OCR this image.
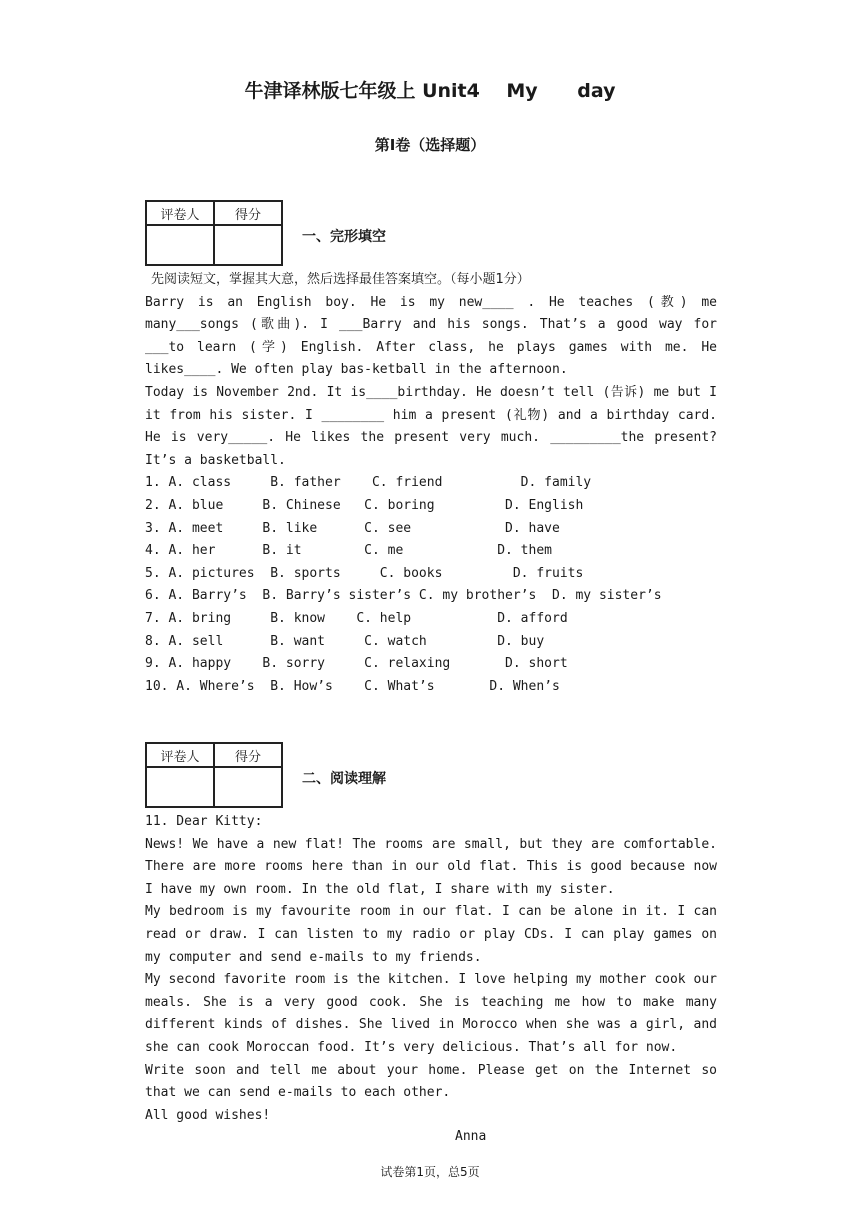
牛津译林版七年级上 Unit4    My      day
第Ⅰ卷（选择题）
评卷人	得分

一、完形填空

先阅读短文，掌握其大意，然后选择最佳答案填空。（每小题1分）

Barry is an English boy. He is my new____ . He teaches (教) me many___songs (歌曲). I ___Barry and his songs. That’s a good way for ___to learn (学) English. After class, he plays games with me. He likes____. We often play bas-ketball in the afternoon.

Today is November 2nd. It is____birthday. He doesn’t tell (告诉) me but I it from his sister. I ________ him a present (礼物) and a birthday card. He is very_____. He likes the present very much. _________the present? It’s a basketball.

1. A. class     B. father    C. friend          D. family

2. A. blue     B. Chinese   C. boring         D. English

3. A. meet     B. like      C. see            D. have

4. A. her      B. it        C. me            D. them

5. A. pictures  B. sports     C. books         D. fruits

6. A. Barry’s  B. Barry’s sister’s C. my brother’s  D. my sister’s

7. A. bring     B. know    C. help           D. afford

8. A. sell      B. want     C. watch         D. buy

9. A. happy    B. sorry     C. relaxing       D. short

10. A. Where’s  B. How’s    C. What’s       D. When’s

评卷人	得分

二、阅读理解

11. Dear Kitty:

News! We have a new flat! The rooms are small, but they are comfortable. There are more rooms here than in our old flat. This is good because now I have my own room. In the old flat, I share with my sister.

My bedroom is my favourite room in our flat. I can be alone in it. I can read or draw. I can listen to my radio or play CDs. I can play games on my computer and send e-mails to my friends.

My second favorite room is the kitchen. I love helping my mother cook our meals. She is a very good cook. She is teaching me how to make many different kinds of dishes. She lived in Morocco when she was a girl, and she can cook Moroccan food. It’s very delicious. That’s all for now.

Write soon and tell me about your home. Please get on the Internet so that we can send e-mails to each other.

All good wishes!

Anna
试卷第1页，总5页
